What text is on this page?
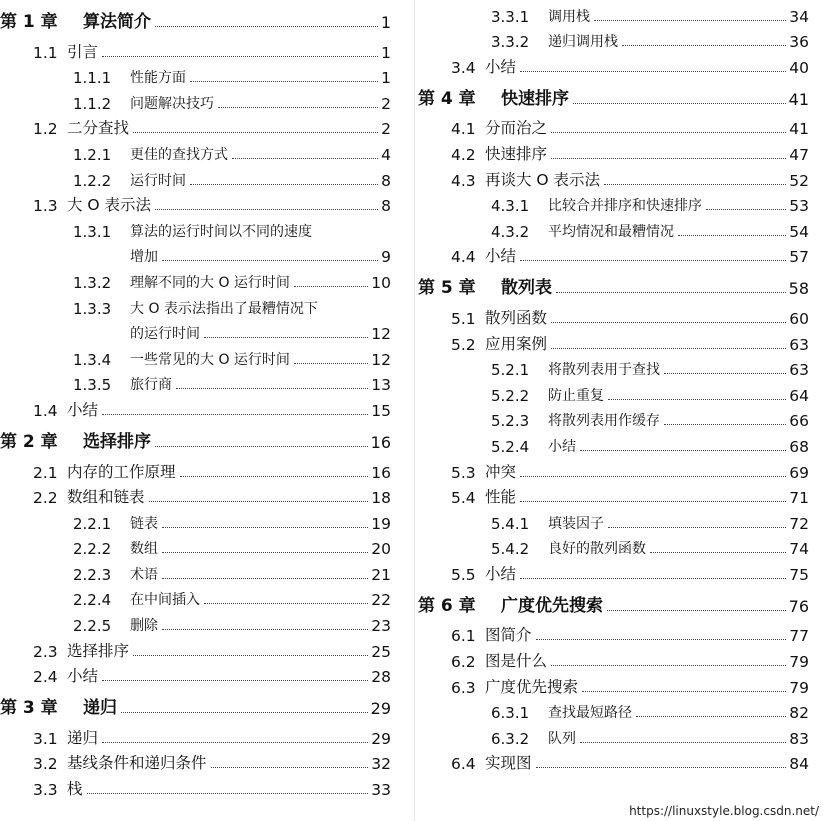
第 1 章	算法简介	1
1.1 引言	1
1.1.1	性能方面	1
1.1.2	问题解决技巧	2
1.2 二分查找	2
1.2.1	更佳的查找方式	4
1.2.2	运行时间	8
1.3 大 O 表示法	8
1.3.1	算法的运行时间以不同的速度
增加	9
1.3.2	理解不同的大 O 运行时间	10
1.3.3	大 O 表示法指出了最糟情况下
的运行时间	12
1.3.4	一些常见的大 O 运行时间	12
1.3.5	旅行商	13
1.4 小结	15
第 2 章	选择排序	16
2.1 内存的工作原理	16
2.2 数组和链表	18
2.2.1	链表	19
2.2.2	数组	20
2.2.3	术语	21
2.2.4	在中间插入	22
2.2.5	删除	23
2.3 选择排序	25
2.4 小结	28
第 3 章	递归	29
3.1 递归	29
3.2 基线条件和递归条件	32
3.3 栈	33
3.3.1	调用栈	34
3.3.2	递归调用栈	36
3.4 小结	40
第 4 章	快速排序	41
4.1 分而治之	41
4.2 快速排序	47
4.3 再谈大 O 表示法	52
4.3.1	比较合并排序和快速排序	53
4.3.2	平均情况和最糟情况	54
4.4 小结	57
第 5 章	散列表	58
5.1 散列函数	60
5.2 应用案例	63
5.2.1	将散列表用于查找	63
5.2.2	防止重复	64
5.2.3	将散列表用作缓存	66
5.2.4	小结	68
5.3 冲突	69
5.4 性能	71
5.4.1	填装因子	72
5.4.2	良好的散列函数	74
5.5 小结	75
第 6 章	广度优先搜索	76
6.1 图简介	77
6.2 图是什么	79
6.3 广度优先搜索	79
6.3.1	查找最短路径	82
6.3.2	队列	83
6.4 实现图	84
https://linuxstyle.blog.csdn.net/
